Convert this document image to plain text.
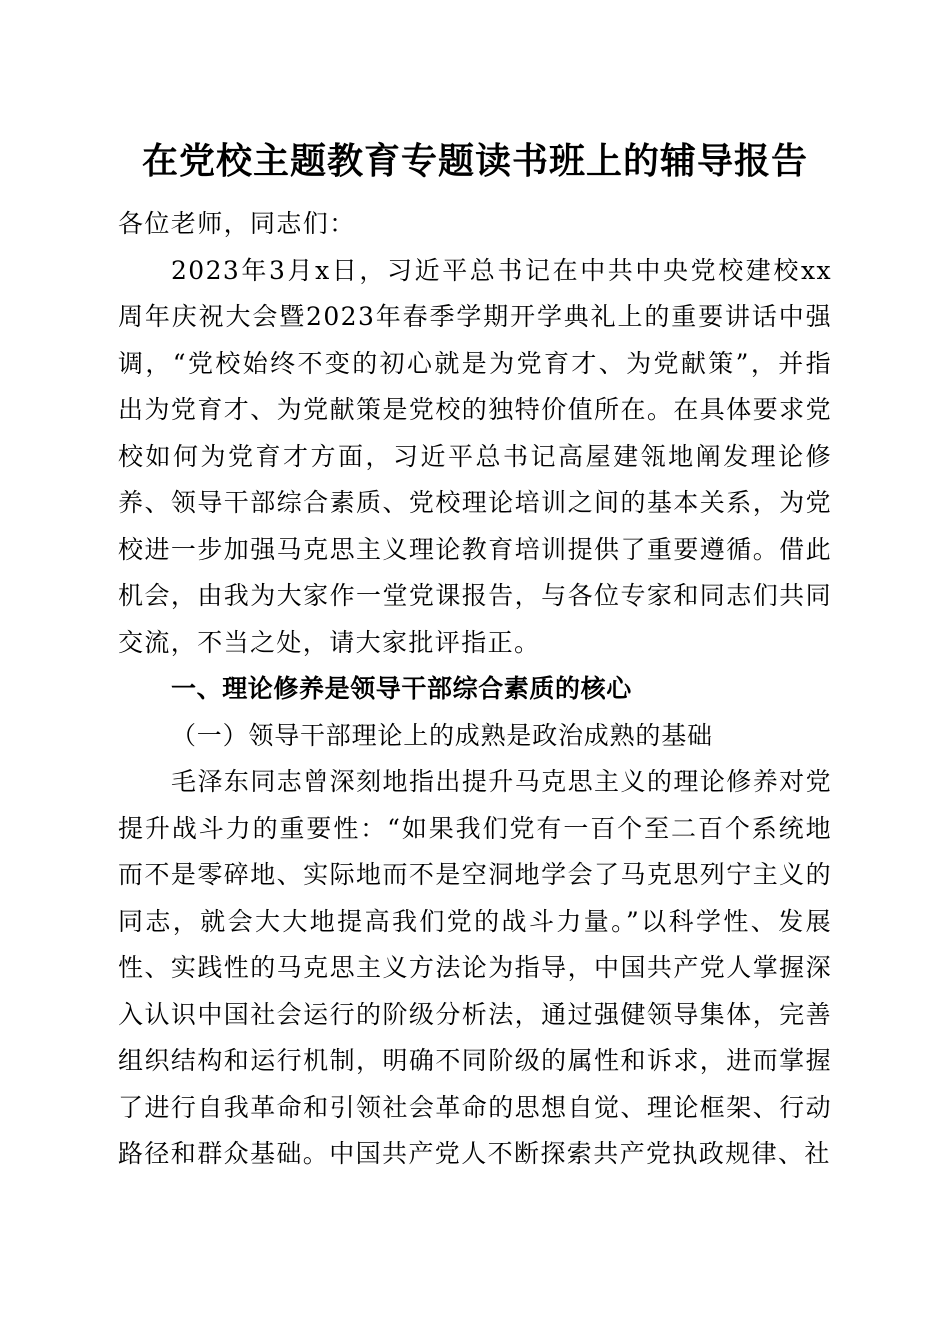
在党校主题教育专题读书班上的辅导报告

各位老师，同志们：

2023年3月x日，习近平总书记在中共中央党校建校xx周年庆祝大会暨2023年春季学期开学典礼上的重要讲话中强调，“党校始终不变的初心就是为党育才、为党献策”，并指出为党育才、为党献策是党校的独特价值所在。在具体要求党校如何为党育才方面，习近平总书记高屋建瓴地阐发理论修养、领导干部综合素质、党校理论培训之间的基本关系，为党校进一步加强马克思主义理论教育培训提供了重要遵循。借此机会，由我为大家作一堂党课报告，与各位专家和同志们共同交流，不当之处，请大家批评指正。

一、理论修养是领导干部综合素质的核心

（一）领导干部理论上的成熟是政治成熟的基础

毛泽东同志曾深刻地指出提升马克思主义的理论修养对党提升战斗力的重要性：“如果我们党有一百个至二百个系统地而不是零碎地、实际地而不是空洞地学会了马克思列宁主义的同志，就会大大地提高我们党的战斗力量。”以科学性、发展性、实践性的马克思主义方法论为指导，中国共产党人掌握深入认识中国社会运行的阶级分析法，通过强健领导集体，完善组织结构和运行机制，明确不同阶级的属性和诉求，进而掌握了进行自我革命和引领社会革命的思想自觉、理论框架、行动路径和群众基础。中国共产党人不断探索共产党执政规律、社
